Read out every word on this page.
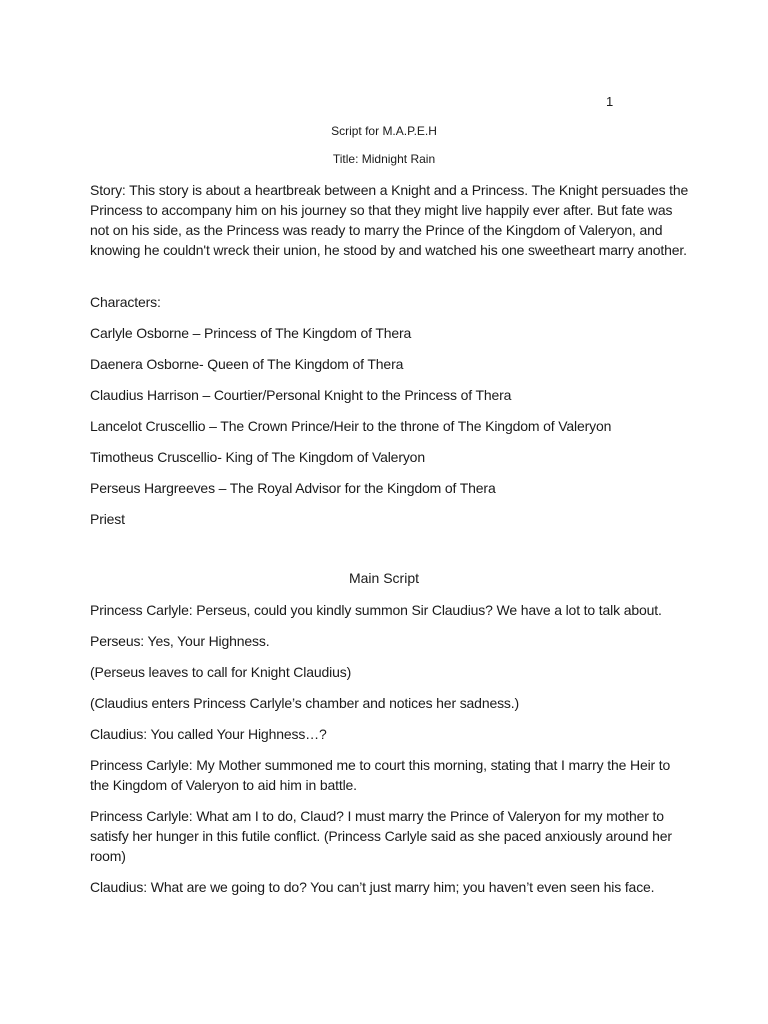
1
Script for M.A.P.E.H
Title: Midnight Rain

Story: This story is about a heartbreak between a Knight and a Princess. The Knight persuades the Princess to accompany him on his journey so that they might live happily ever after. But fate was not on his side, as the Princess was ready to marry the Prince of the Kingdom of Valeryon, and knowing he couldn't wreck their union, he stood by and watched his one sweetheart marry another.

Characters:

Carlyle Osborne – Princess of The Kingdom of Thera

Daenera Osborne- Queen of The Kingdom of Thera

Claudius Harrison – Courtier/Personal Knight to the Princess of Thera

Lancelot Cruscellio – The Crown Prince/Heir to the throne of The Kingdom of Valeryon

Timotheus Cruscellio- King of The Kingdom of Valeryon

Perseus Hargreeves – The Royal Advisor for the Kingdom of Thera

Priest

Main Script

Princess Carlyle: Perseus, could you kindly summon Sir Claudius? We have a lot to talk about.

Perseus: Yes, Your Highness.

(Perseus leaves to call for Knight Claudius)

(Claudius enters Princess Carlyle’s chamber and notices her sadness.)

Claudius: You called Your Highness…?

Princess Carlyle: My Mother summoned me to court this morning, stating that I marry the Heir to the Kingdom of Valeryon to aid him in battle.

Princess Carlyle: What am I to do, Claud? I must marry the Prince of Valeryon for my mother to satisfy her hunger in this futile conflict. (Princess Carlyle said as she paced anxiously around her room)

Claudius: What are we going to do? You can’t just marry him; you haven’t even seen his face.
